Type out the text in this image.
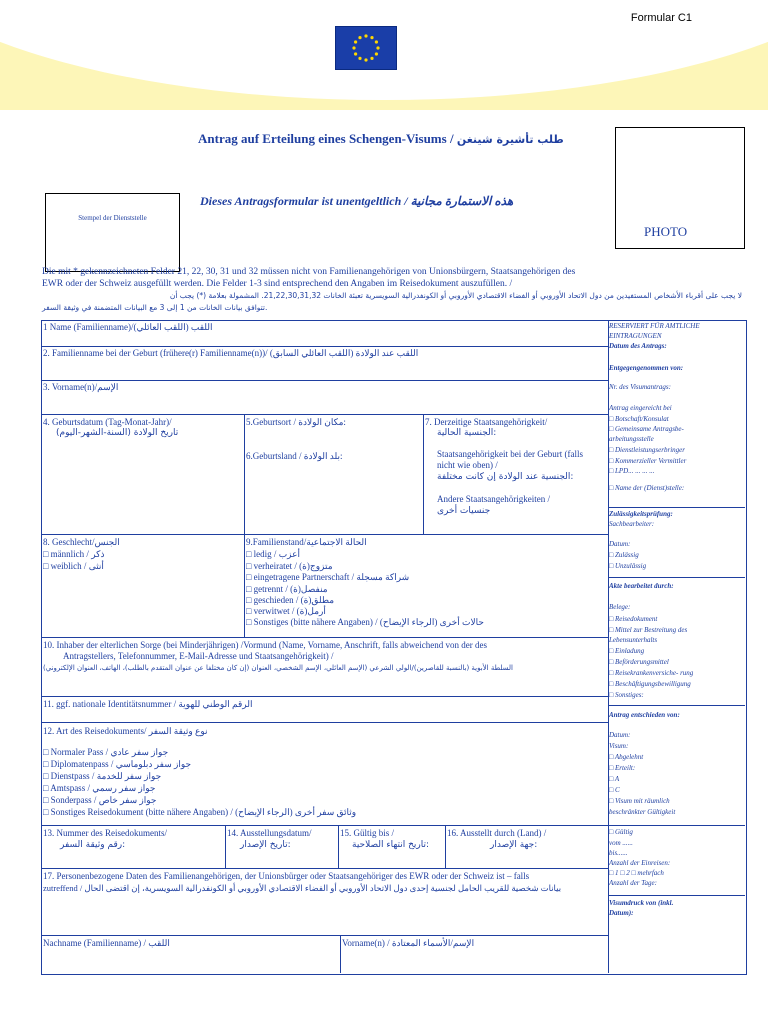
Formular C1
Antrag auf Erteilung eines Schengen-Visums / طلب تأشيرة شينغن
PHOTO
Stempel der Dienststelle
Dieses Antragsformular ist unentgeltlich / هذه الاستمارة مجانية
Die mit * gekennzeichneten Felder 21, 22, 30, 31 und 32 müssen nicht von Familienangehörigen von Unionsbürgern, Staatsangehörigen des
EWR oder der Schweiz ausgefüllt werden. Die Felder 1-3 sind entsprechend den Angaben im Reisedokument auszufüllen. /
لا يجب على أقرباء الأشخاص المستفيدين من دول الاتحاد الأوروبي أو الفضاء الاقتصادي الأوروبي أو الكونفدرالية السويسرية تعبئة الخانات 21,22,30,31,32. المشمولة بعلامة (*) يجب أن
تتوافق بيانات الخانات من 1 إلى 3 مع البيانات المتضمنة في وثيقة السفر.
1 Name (Familienname)/(اللقب العائلي) اللقب
2. Familienname bei der Geburt (frühere(r) Familienname(n))/ اللقب عند الولادة (اللقب العائلي السابق)
3. Vorname(n)/الإسم
4. Geburtsdatum (Tag-Monat-Jahr)/
(تاريخ الولادة (السنة-الشهر-اليوم
5.Geburtsort / مكان الولادة:
6.Geburtsland / بلد الولادة:
7. Derzeitige Staatsangehörigkeit/
الجنسية الحالية:
Staatsangehörigkeit bei der Geburt (falls
nicht wie oben) /
الجنسية عند الولادة إن كانت مختلفة:
Andere Staatsangehörigkeiten /
جنسيات أخرى
8. Geschlecht/الجنس
□ männlich / ذكر
□ weiblich / أنثى
9.Familienstand/الحالة الاجتماعية
□ ledig / أعزب
□ verheiratet / (ة)متزوج
□ eingetragene Partnerschaft / شراكة مسجلة
□ getrennt / (ة)منفصل
□ geschieden / (ة)مطلق
□ verwitwet / (ة)أرمل
□ Sonstiges (bitte nähere Angaben) / حالات أخرى (الرجاء الإيضاح)
10. Inhaber der elterlichen Sorge (bei Minderjährigen) /Vormund (Name, Vorname, Anschrift, falls abweichend von der des
Antragstellers, Telefonnummer, E-Mail-Adresse und Staatsangehörigkeit) /
السلطة الأبوية (بالنسبة للقاصرين)/الولي الشرعي (الإسم العائلي، الإسم الشخصي، العنوان (إن كان مختلفا عن عنوان المتقدم بالطلب)، الهاتف، العنوان الإلكتروني)
11. ggf. nationale Identitätsnummer / الرقم الوطني للهوية
12. Art des Reisedokuments/ نوع وثيقة السفر
□ Normaler Pass / جواز سفر عادي
□ Diplomatenpass / جواز سفر دبلوماسي
□ Dienstpass / جواز سفر للخدمة
□ Amtspass / جواز سفر رسمي
□ Sonderpass / جواز سفر خاص
□ Sonstiges Reisedokument (bitte nähere Angaben) / وثائق سفر أخرى (الرجاء الإيضاح)
13. Nummer des Reisedokuments/
رقم وثيقة السفر:
14. Ausstellungsdatum/
تاريخ الإصدار:
15. Gültig bis /
تاريخ انتهاء الصلاحية:
16. Ausstellt durch (Land) /
جهة الإصدار:
17. Personenbezogene Daten des Familienangehörigen, der Unionsbürger oder Staatsangehöriger des EWR oder der Schweiz ist – falls
zutreffend / بيانات شخصية للقريب الحامل لجنسية إحدى دول الاتحاد الأوروبي أو الفضاء الاقتصادي الأوروبي أو الكونفدرالية السويسرية، إن اقتضى الحال
Nachname (Familienname) / اللقب	Vorname(n) / الإسم/الأسماء المعتادة
RESERVIERT FÜR AMTLICHE
EINTRAGUNGEN
Datum des Antrags:
Entgegengenommen von:
Nr. des Visumantrags:
Antrag eingereicht bei
□ Botschaft/Konsulat
□ Gemeinsame Antragsbe-
arbeitungsstelle
□ Dienstleistungserbringer
□ Kommerzieller Vermittler
□ LPD... ... ... ...
□ Name der (Dienst)stelle:
Zulässigkeitsprüfung:
Sachbearbeiter:
Datum:
□ Zulässig
□ Unzulässig
Akte bearbeitet durch:
Belege:
□ Reisedokument
□ Mittel zur Bestreitung des
Lebensunterhalts
□ Einladung
□ Beförderungsmittel
□ Reisekrankenversiche- rung
□ Beschäftigungsbewilligung
□ Sonstiges:
Antrag entschieden von:
Datum:
Visum:
□ Abgelehnt
□ Erteilt:
□ A
□ C
□ Visum mit räumlich
beschränkter Gültigkeit
□ Gültig
vom ......
bis......
Anzahl der Einreisen:
□ 1 □ 2 □ mehrfach
Anzahl der Tage:
Visumdruck von (inkl.
Datum):
